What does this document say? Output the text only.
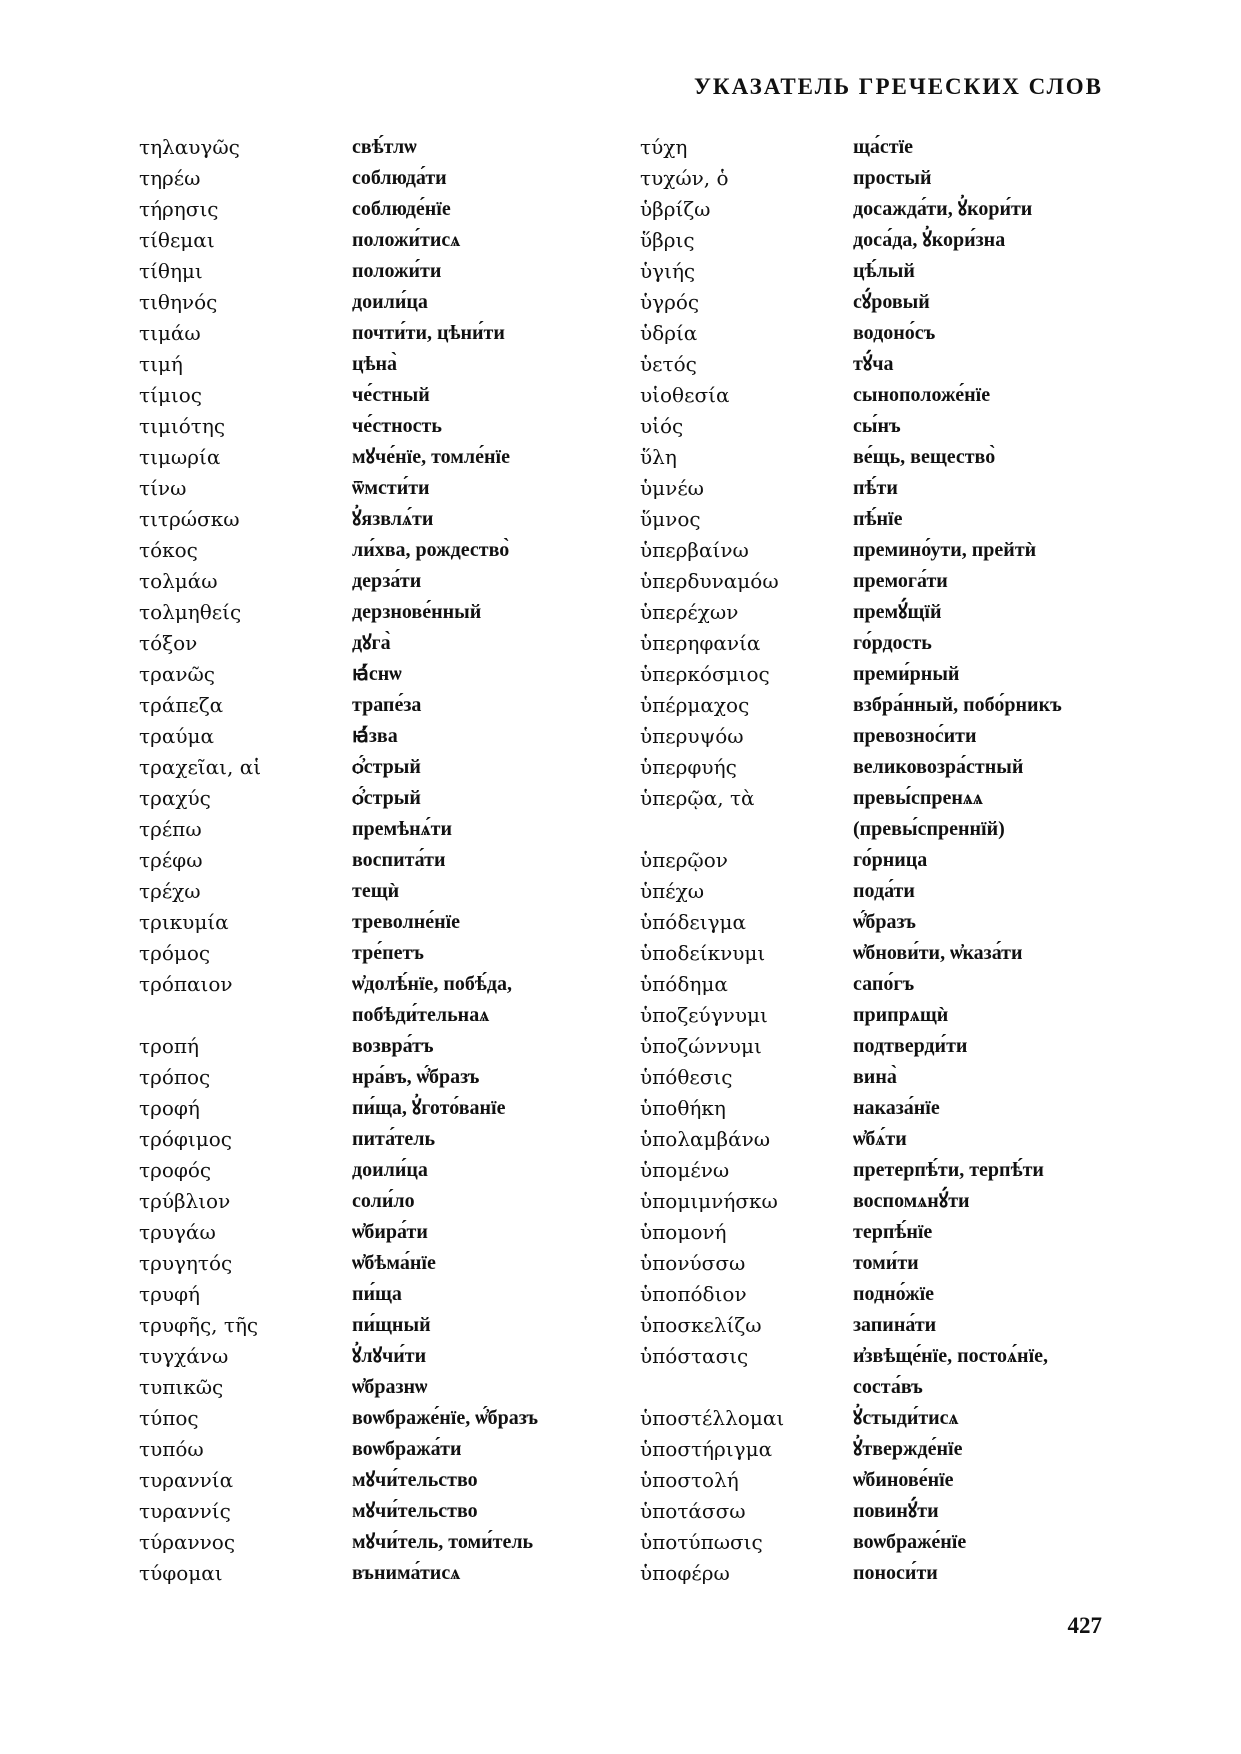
УКАЗАТЕЛЬ ГРЕЧЕСКИХ СЛОВ
τηλαυγῶς	свѣ́тлѡ
τηρέω	соблюда́ти
τήρησις	соблюде́нїе
τίθεμαι	положи́тисѧ
τίθημι	положи́ти
τιθηνός	доили́ца
τιμάω	почти́ти, цѣни́ти
τιμή	цѣна̀
τίμιος	че́стный
τιμιότης	че́стность
τιμωρία	мꙋче́нїе, томле́нїе
τίνω	ѿмсти́ти
τιτρώσκω	ꙋ҆язвлѧ́ти
τόκος	ли́хва, рождество̀
τολμάω	дерза́ти
τολμηθείς	дерзнове́нный
τόξον	дꙋга̀
τρανῶς	ꙗ҆́снѡ
τράπεζα	трапе́за
τραύμα	ꙗ҆́зва
τραχεῖαι, αἱ	ѻ҆́стрый
τραχύς	ѻ҆́стрый
τρέπω	премѣнѧ́ти
τρέφω	воспита́ти
τρέχω	тещѝ
τρικυμία	треволне́нїе
τρόμος	тре́петъ
τρόπαιον	ѡ҆долѣ́нїе, побѣ́да,
побѣди́тельнаѧ
τροπή	возвра́тъ
τρόπος	нра́въ, ѡ҆́бразъ
τροφή	пи́ща, ꙋ҆гото́ванїе
τρόφιμος	пита́тель
τροφός	доили́ца
τρύβλιον	соли́ло
τρυγάω	ѡ҆бира́ти
τρυγητός	ѡ҆бѣма́нїе
τρυφή	пи́ща
τρυφῆς, τῆς	пи́щный
τυγχάνω	ꙋ҆лꙋчи́ти
τυπικῶς	ѡ҆бразнѡ
τύπος	воѡбраже́нїе, ѡ҆́бразъ
τυπόω	воѡбража́ти
τυραννία	мꙋчи́тельство
τυραννίς	мꙋчи́тельство
τύραννος	мꙋчи́тель, томи́тель
τύφομαι	вънима́тисѧ
τύχη	ща́стїе
τυχών, ὁ	простый
ὑβρίζω	досажда́ти, ꙋ҆кори́ти
ὕβρις	доса́да, ꙋ҆кори́зна
ὑγιής	цѣ́лый
ὑγρός	сꙋ́ровый
ὑδρία	водоно́съ
ὑετός	тꙋ́ча
υἱοθεσία	сыноположе́нїе
υἱός	сы́нъ
ὕλη	ве́щь, вещество̀
ὑμνέω	пѣ́ти
ὕμνος	пѣ́нїе
ὑπερβαίνω	премино́ути, прейтѝ
ὑπερδυναμόω	премога́ти
ὑπερέχων	премꙋ́щїй
ὑπερηφανία	го́рдость
ὑπερκόσμιος	преми́рный
ὑπέρμαχος	взбра́нный, побо́рникъ
ὑπερυψόω	превознос́ити
ὑπερφυής	великовозра́стный
ὑπερῷα, τὰ	превы́спренѧѧ
(превы́спреннїй)
ὑπερῷον	го́рница
ὑπέχω	пода́ти
ὑπόδειγμα	ѡ҆́бразъ
ὑποδείκνυμι	ѡ҆бнови́ти, ѡ҆каза́ти
ὑπόδημα	сапо́гъ
ὑποζεύγνυμι	припрѧщѝ
ὑποζώννυμι	подтверди́ти
ὑπόθεσις	вина̀
ὑποθήκη	наказа́нїе
ὑπολαμβάνω	ѡ҆бѧ́ти
ὑπομένω	претерпѣ́ти, терпѣ́ти
ὑπομιμνήσκω	воспомѧнꙋ́ти
ὑπομονή	терпѣ́нїе
ὑπονύσσω	томи́ти
ὑποπόδιον	подно́жїе
ὑποσκελίζω	запина́ти
ὑπόστασις	и҆звѣще́нїе, постоѧ́нїе,
соста́въ
ὑποστέλλομαι	ꙋ҆стыди́тисѧ
ὑποστήριγμα	ꙋ҆твержде́нїе
ὑποστολή	ѡ҆бинове́нїе
ὑποτάσσω	повинꙋ́ти
ὑποτύπωσις	воѡбраже́нїе
ὑποφέρω	поноси́ти
427
